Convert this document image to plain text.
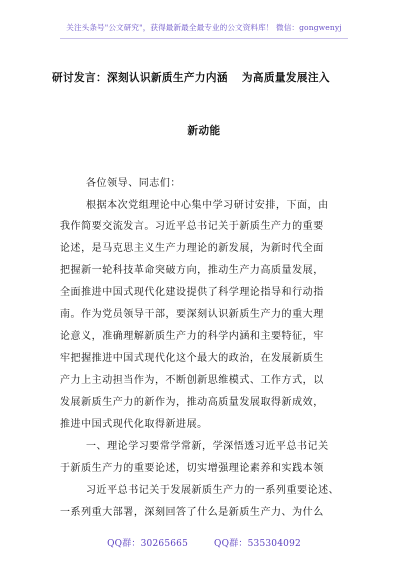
关注头条号"公文研究"，获得最新最全最专业的公文资料库！ 微信：gongwenyj
研讨发言：深刻认识新质生产力内涵 为高质量发展注入
新动能
各位领导、同志们：
根据本次党组理论中心集中学习研讨安排，下面，由
我作简要交流发言。习近平总书记关于新质生产力的重要
论述，是马克思主义生产力理论的新发展，为新时代全面
把握新一轮科技革命突破方向，推动生产力高质量发展，
全面推进中国式现代化建设提供了科学理论指导和行动指
南。作为党员领导干部，要深刻认识新质生产力的重大理
论意义，准确理解新质生产力的科学内涵和主要特征，牢
牢把握推进中国式现代化这个最大的政治，在发展新质生
产力上主动担当作为，不断创新思维模式、工作方式，以
发展新质生产力的新作为，推动高质量发展取得新成效，
推进中国式现代化取得新进展。
一、理论学习要常学常新，学深悟透习近平总书记关
于新质生产力的重要论述，切实增强理论素养和实践本领
习近平总书记关于发展新质生产力的一系列重要论述、
一系列重大部署，深刻回答了什么是新质生产力、为什么
QQ群：30265665	QQ群：535304092
